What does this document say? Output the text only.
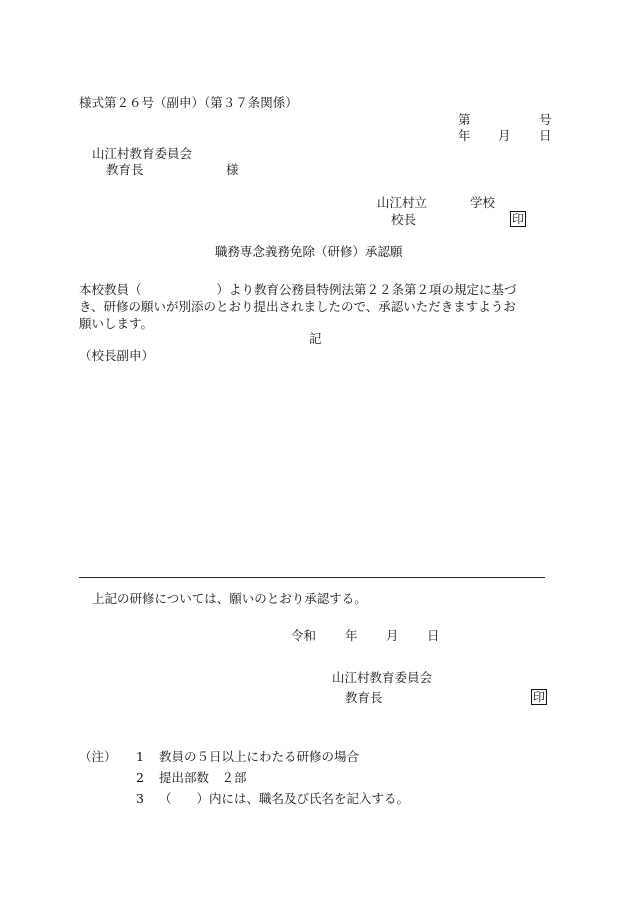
様式第２６号（副申）（第３７条関係）
第	号
年 月 日
山江村教育委員会
教育長	様
山江村立	学校
校長	印
職務専念義務免除（研修）承認願
本校教員（　　　　　　）より教育公務員特例法第２２条第２項の規定に基づ
き、研修の願いが別添のとおり提出されましたので、承認いただきますようお
願いします。
記
（校長副申）
上記の研修については、願いのとおり承認する。
令和 年 月 日
山江村教育委員会
教育長	印
（注） 1 教員の５日以上にわたる研修の場合
2 提出部数　２部
3 （　　）内には、職名及び氏名を記入する。
